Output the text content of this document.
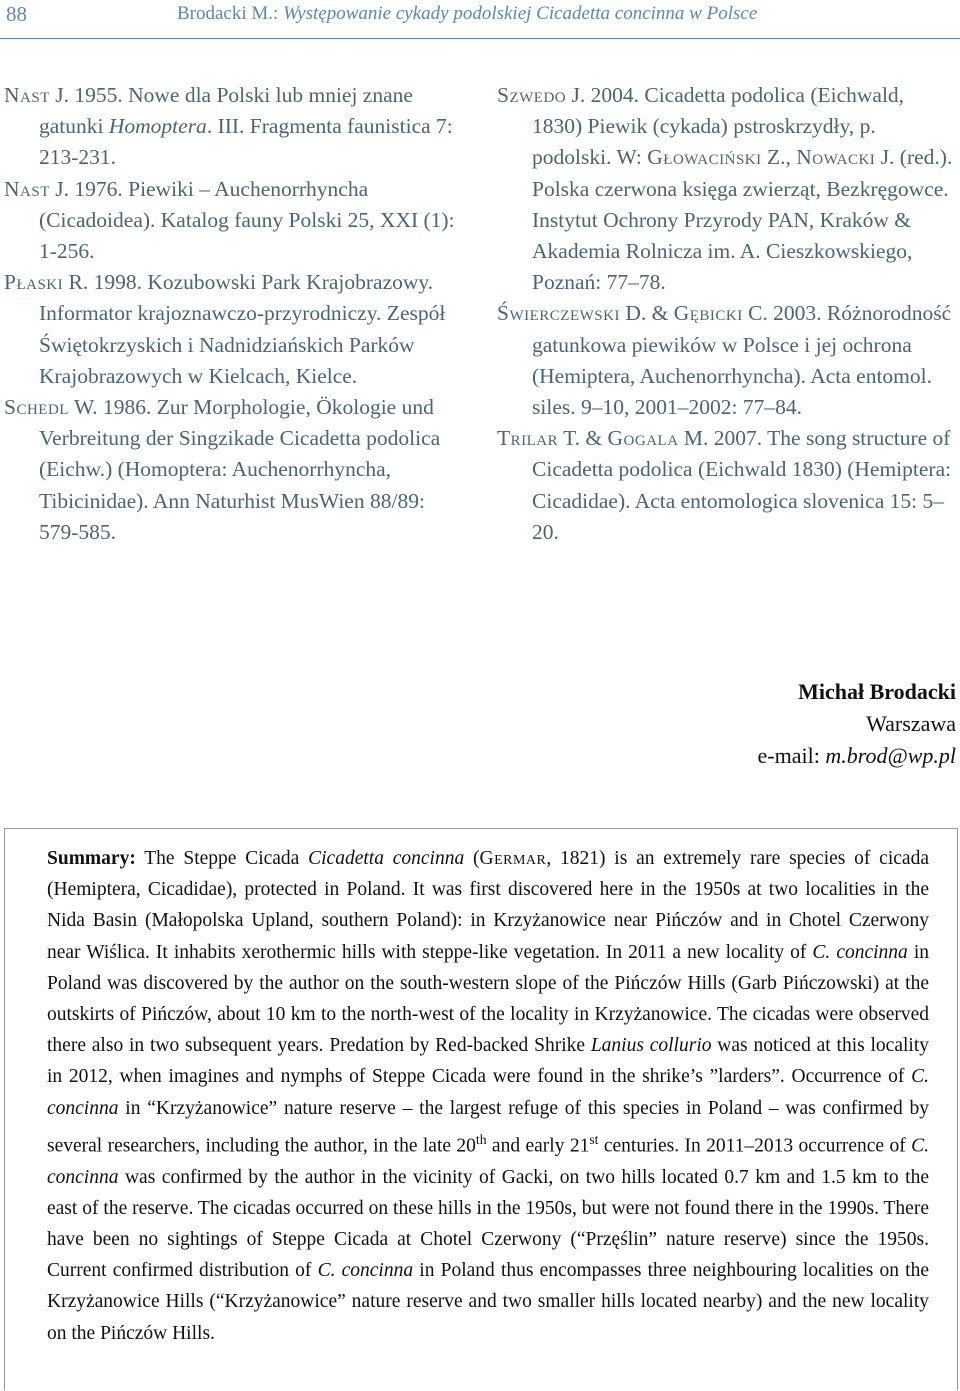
88	Brodacki M.: Występowanie cykady podolskiej Cicadetta concinna w Polsce

Nast J. 1955. Nowe dla Polski lub mniej znane gatunki Homoptera. III. Fragmenta faunistica 7: 213-231.

Nast J. 1976. Piewiki – Auchenorrhyncha (Cicadoidea). Katalog fauny Polski 25, XXI (1): 1-256.

Płaski R. 1998. Kozubowski Park Krajobrazowy. Informator krajoznawczo-przyrodniczy. Zespół Świętokrzyskich i Nadnidziańskich Parków Krajobrazowych w Kielcach, Kielce.

Schedl W. 1986. Zur Morphologie, Ökologie und Verbreitung der Singzikade Cicadetta podolica (Eichw.) (Homoptera: Auchenorrhyncha, Tibicinidae). Ann Naturhist MusWien 88/89: 579-585.

Szwedo J. 2004. Cicadetta podolica (Eichwald, 1830) Piewik (cykada) pstroskrzydły, p. podolski. W: Głowaciński Z., Nowacki J. (red.). Polska czerwona księga zwierząt, Bezkręgowce. Instytut Ochrony Przyrody PAN, Kraków & Akademia Rolnicza im. A. Cieszkowskiego, Poznań: 77–78.

Świerczewski D. & Gębicki C. 2003. Różnorodność gatunkowa piewików w Polsce i jej ochrona (Hemiptera, Auchenorrhyncha). Acta entomol. siles. 9–10, 2001–2002: 77–84.

Trilar T. & Gogala M. 2007. The song structure of Cicadetta podolica (Eichwald 1830) (Hemiptera: Cicadidae). Acta entomologica slovenica 15: 5–20.

Michał Brodacki
Warszawa
e-mail: m.brod@wp.pl
Summary: The Steppe Cicada Cicadetta concinna (Germar, 1821) is an extremely rare species of cicada (Hemiptera, Cicadidae), protected in Poland. It was first discovered here in the 1950s at two localities in the Nida Basin (Małopolska Upland, southern Poland): in Krzyżanowice near Pińczów and in Chotel Czerwony near Wiślica. It inhabits xerothermic hills with steppe-like vegetation. In 2011 a new locality of C. concinna in Poland was discovered by the author on the south-western slope of the Pińczów Hills (Garb Pińczowski) at the outskirts of Pińczów, about 10 km to the north-west of the locality in Krzyżanowice. The cicadas were observed there also in two subsequent years. Predation by Red-backed Shrike Lanius collurio was noticed at this locality in 2012, when imagines and nymphs of Steppe Cicada were found in the shrike’s ”larders”. Occurrence of C. concinna in “Krzyżanowice” nature reserve – the largest refuge of this species in Poland – was confirmed by several researchers, including the author, in the late 20th and early 21st centuries. In 2011–2013 occurrence of C. concinna was confirmed by the author in the vicinity of Gacki, on two hills located 0.7 km and 1.5 km to the east of the reserve. The cicadas occurred on these hills in the 1950s, but were not found there in the 1990s. There have been no sightings of Steppe Cicada at Chotel Czerwony (“Przęślin” nature reserve) since the 1950s. Current confirmed distribution of C. concinna in Poland thus encompasses three neighbouring localities on the Krzyżanowice Hills (“Krzyżanowice” nature reserve and two smaller hills located nearby) and the new locality on the Pińczów Hills.
